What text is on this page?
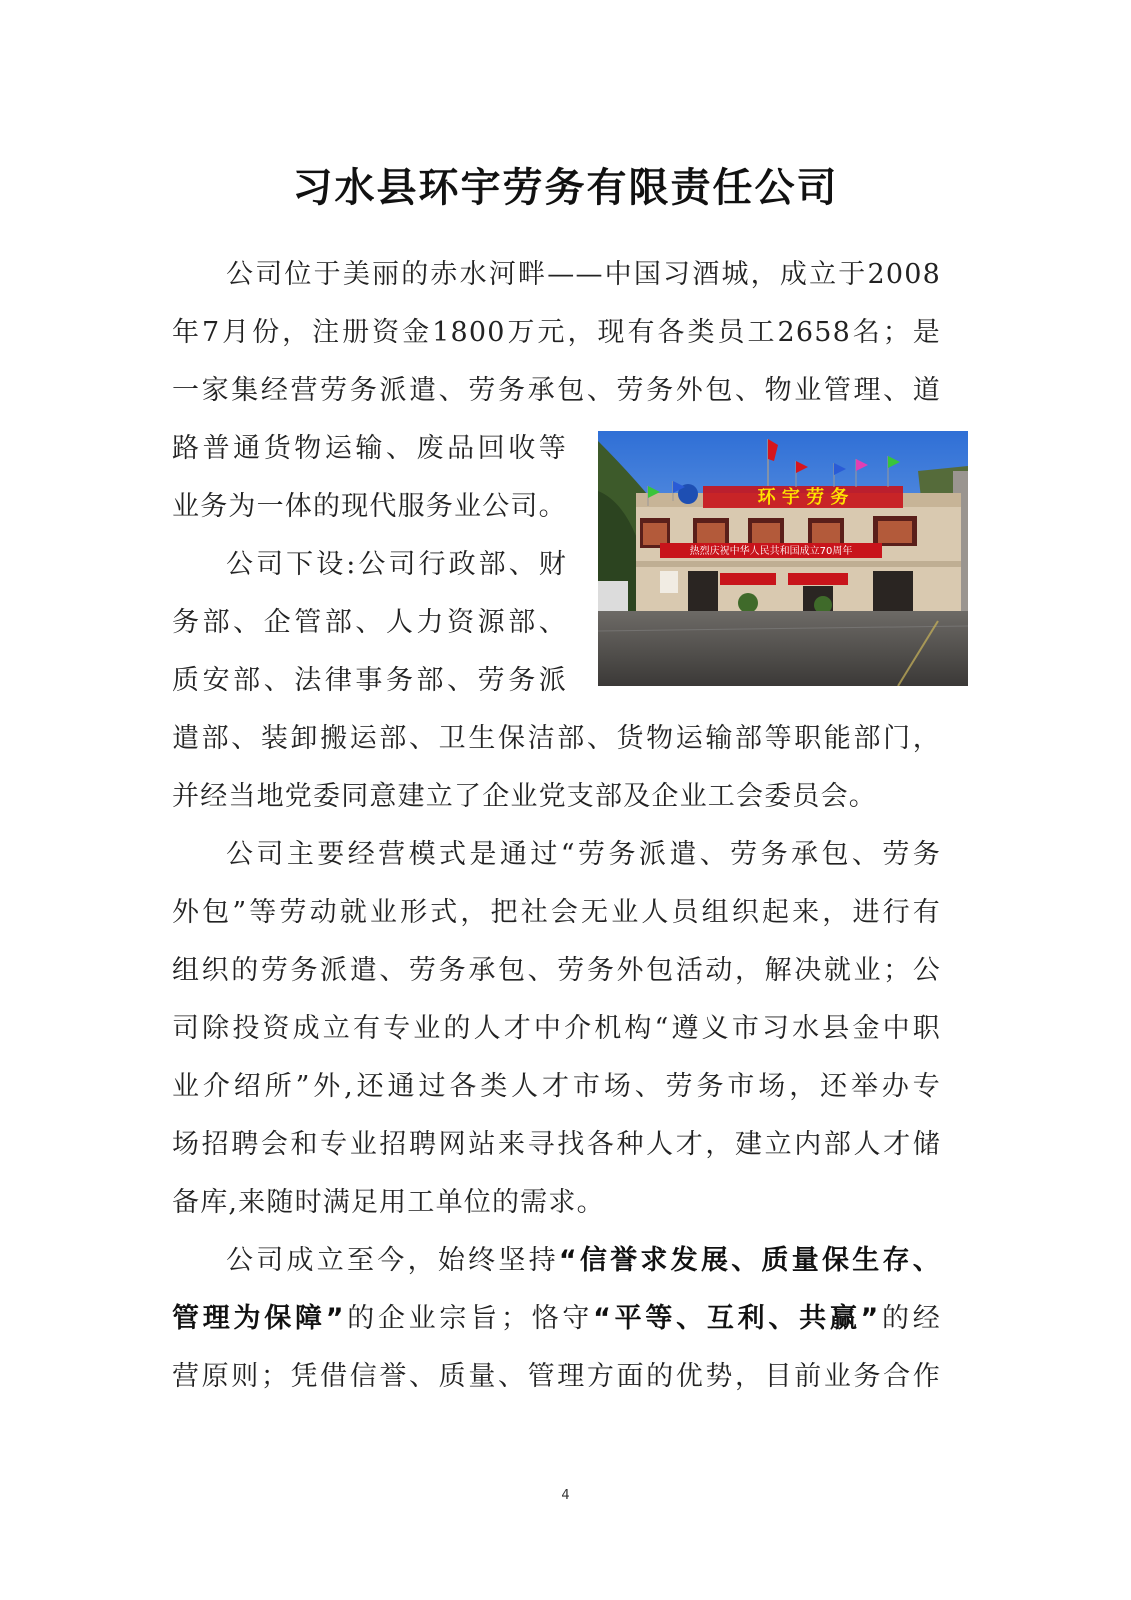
习水县环宇劳务有限责任公司
公司位于美丽的赤水河畔——中国习酒城，成立于2008
年7月份，注册资金1800万元，现有各类员工2658名；是
一家集经营劳务派遣、劳务承包、劳务外包、物业管理、道
路普通货物运输、废品回收等
业务为一体的现代服务业公司。
公司下设:公司行政部、财
务部、企管部、人力资源部、
质安部、法律事务部、劳务派
遣部、装卸搬运部、卫生保洁部、货物运输部等职能部门，
并经当地党委同意建立了企业党支部及企业工会委员会。
公司主要经营模式是通过“劳务派遣、劳务承包、劳务
外包”等劳动就业形式，把社会无业人员组织起来，进行有
组织的劳务派遣、劳务承包、劳务外包活动，解决就业；公
司除投资成立有专业的人才中介机构“遵义市习水县金中职
业介绍所”外,还通过各类人才市场、劳务市场，还举办专
场招聘会和专业招聘网站来寻找各种人才，建立内部人才储
备库,来随时满足用工单位的需求。
公司成立至今，始终坚持“信誉求发展、质量保生存、
管理为保障”的企业宗旨；恪守“平等、互利、共赢”的经
营原则；凭借信誉、质量、管理方面的优势，目前业务合作
热烈庆祝中华人民共和国成立70周年
环 宇 劳 务
4
